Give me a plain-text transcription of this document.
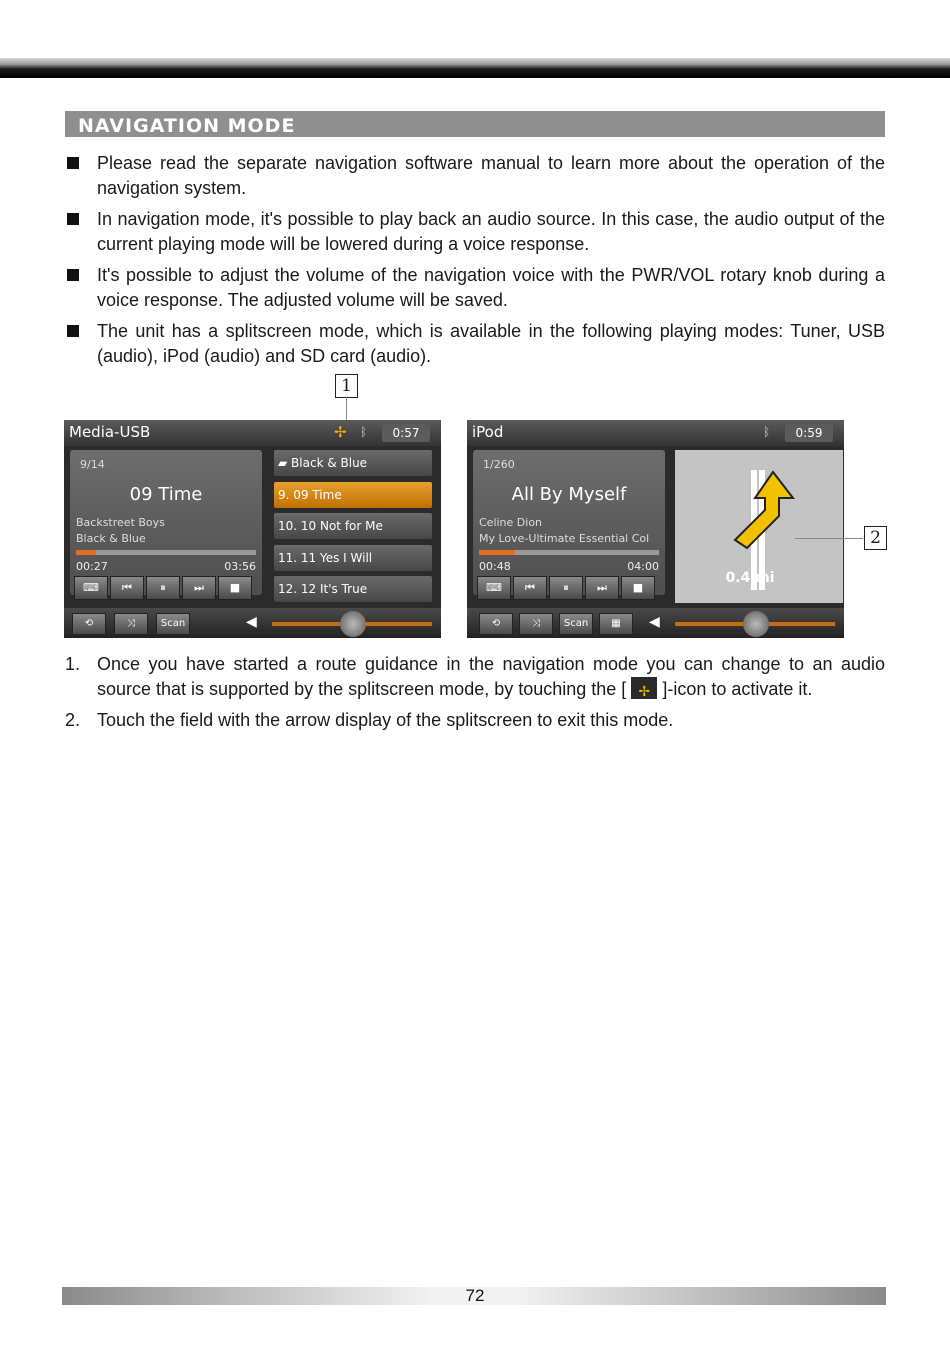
NAVIGATION MODE
Please read the separate navigation software manual to learn more about the operation of the navigation system.
In navigation mode, it's possible to play back an audio source. In this case, the audio output of the current playing mode will be lowered during a voice response.
It's possible to adjust the volume of the navigation voice with the PWR/VOL rotary knob during a voice response. The adjusted volume will be saved.
The unit has a splitscreen mode, which is available in the following playing modes: Tuner, USB (audio), iPod (audio) and SD card (audio).
1
Media-USB	✢ ᛒ	0:57
9/14
09 Time
Backstreet Boys
Black & Blue
00:27	03:56
⌨	⏮	⏸	⏭	■
▰ Black & Blue
9. 09 Time
10. 10 Not for Me
11. 11 Yes I Will
12. 12 It's True
⟲	⤨	Scan	◀
iPod	ᛒ	0:59
1/260
All By Myself
Celine Dion
My Love-Ultimate Essential Col
00:48	04:00
⌨	⏮	⏸	⏭	■
0.4 mi
⟲	⤨	Scan	▦	◀
2
1. Once you have started a route guidance in the navigation mode you can change to an audio source that is supported by the splitscreen mode, by touching the [ ✢ ]-icon to activate it.
2. Touch the field with the arrow display of the splitscreen to exit this mode.
72
